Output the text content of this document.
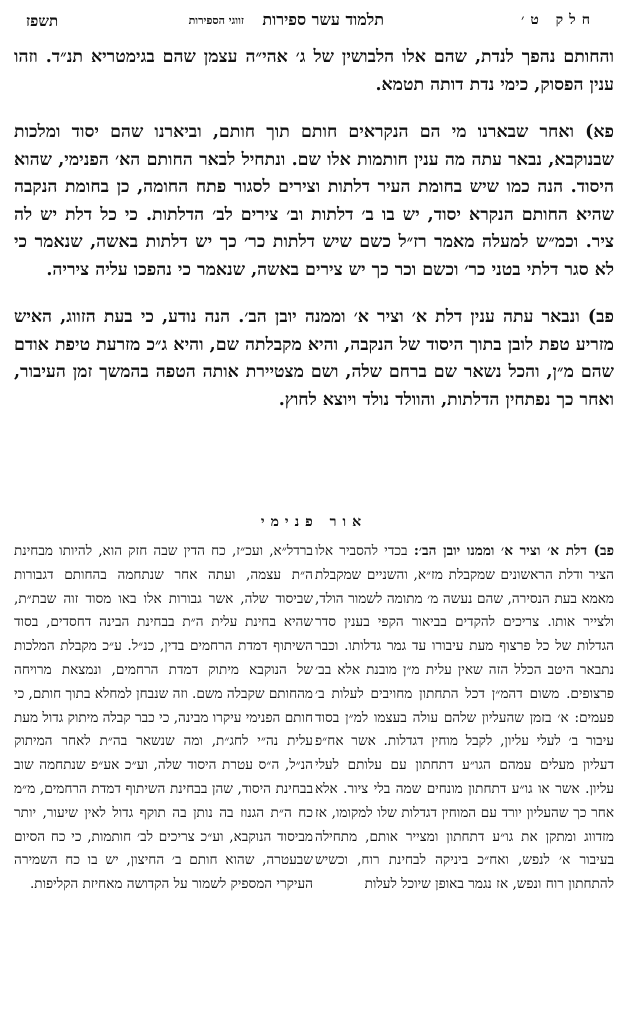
חלק ט׳
תלמוד עשר ספירות
זווגי הספירות
תשפז

והחותם נהפך לנדת, שהם אלו הלבושין של ג׳ אהי״ה עצמן שהם בגימטריא תנ״ד. וזהו ענין הפסוק, כימי נדת דותה תטמא.

פא) ואחר שבארנו מי הם הנקראים חותם תוך חותם, וביארנו שהם יסוד ומלכות שבנוקבא, נבאר עתה מה ענין חותמות אלו שם. ונתחיל לבאר החותם הא׳ הפנימי, שהוא היסוד. הנה כמו שיש בחומת העיר דלתות וצירים לסגור פתח החומה, כן בחומת הנקבה שהיא החותם הנקרא יסוד, יש בו ב׳ דלתות וב׳ צירים לב׳ הדלתות. כי כל דלת יש לה ציר. וכמ״ש למעלה מאמר רז״ל כשם שיש דלתות כר׳ כך יש דלתות באשה, שנאמר כי לא סגר דלתי בטני כר׳ וכשם וכר כך יש צירים באשה, שנאמר כי נהפכו עליה ציריה.

פב) ונבאר עתה ענין דלת א׳ וציר א׳ וממנה יובן הב׳. הנה נודע, כי בעת הזווג, האיש מזריע טפת לובן בתוך היסוד של הנקבה, והיא מקבלתה שם, והיא ג״כ מזרעת טיפת אודם שהם מ״ן, והכל נשאר שם ברחם שלה, ושם מצטיירת אותה הטפה בהמשך זמן העיבור, ואחר כך נפתחין הדלתות, והוולד נולד ויוצא לחוץ.

אור פנימי

פב) דלת א׳ וציר א׳ וממנו יובן הב׳: בכדי להסביר אלו הציר ודלת הראשונים שמקבלת מז״א, והשניים שמקבלת מאמא בעת הנסירה, שהם נעשה מ׳ מתומה לשמור הולד, ולצייר אותו. צריכים להקדים בביאור הקפי בענין סדר הגדלות של כל פרצוף מעת עיבורו עד גמר גדלותו. וכבר נתבאר היטב הכלל הזה שאין עלית מ״ן מובנת אלא בב׳ פרצופים. משום דהמ״ן דכל התחתון מחויבים לעלות ב׳ פעמים: א׳ בזמן שהעליון שלהם עולה בעצמו למ״ן בסוד עיבור ב׳ לעלי עליון, לקבל מוחין דגדלות. אשר אח״פ דעליון מעלים עמהם הגו״ע דתחתון עם עלותם לעלי עליון. אשר או גו״ע דתחתון מונחים שמה בלי ציור. אלא אחר כך שהעליון יורד עם המוחין דגדלות שלו למקומו, אז מזדווג ומתקן את גו״ע דתחתון ומצייר אותם, מתחילה בעיבור א׳ לנפש, ואח״כ ביניקה לבחינת רוח, וכשיש להתחתון רוח ונפש, אז נגמר באופן שיוכל לעלות

ברדל״א, ועכ״ז, כח הדין שבה חזק הוא, להיותו מבחינת ה״ת עצמה, ועתה אחר שנתחמה בהחותם דגבורות שביסוד שלה, אשר גבורות אלו באו מסוד זוה שבת״ת, שהיא בחינת עלית ה״ת בבחינת הבינה דחסדים, בסוד השיתוף דמדת הרחמים בדין, כנ״ל. ע״כ מקבלת המלכות של הנוקבא מיתוק דמדת הרחמים, ונמצאת מרויחה מהחותם שקבלה משם. וזה שנבחן למחלא בתוך חותם, כי חותם הפנימי עיקרו מבינה, כי כבר קבלה מיתוק גדול מעת עלית נה״י לחג״ת, ומה שנשאר בה״ת לאחר המיתוק הנ״ל, ה״ס עטרת היסוד שלה, וע״כ אע״פ שנתחמה שוב בבחינת היסוד, שהן בבחינת השיתוף דמדת הרחמים, מ״מ כח ה״ת הגנוז בה נותן בה תוקף גדול לאין שיעור, יותר מביסוד הנוקבא, וע״כ צריכים לב׳ חותמות, כי כח הסיום שבעטרה, שהוא חותם ב׳ החיצון, יש בו כח השמירה העיקרי המספיק לשמור על הקדושה מאחיזת הקליפות.
